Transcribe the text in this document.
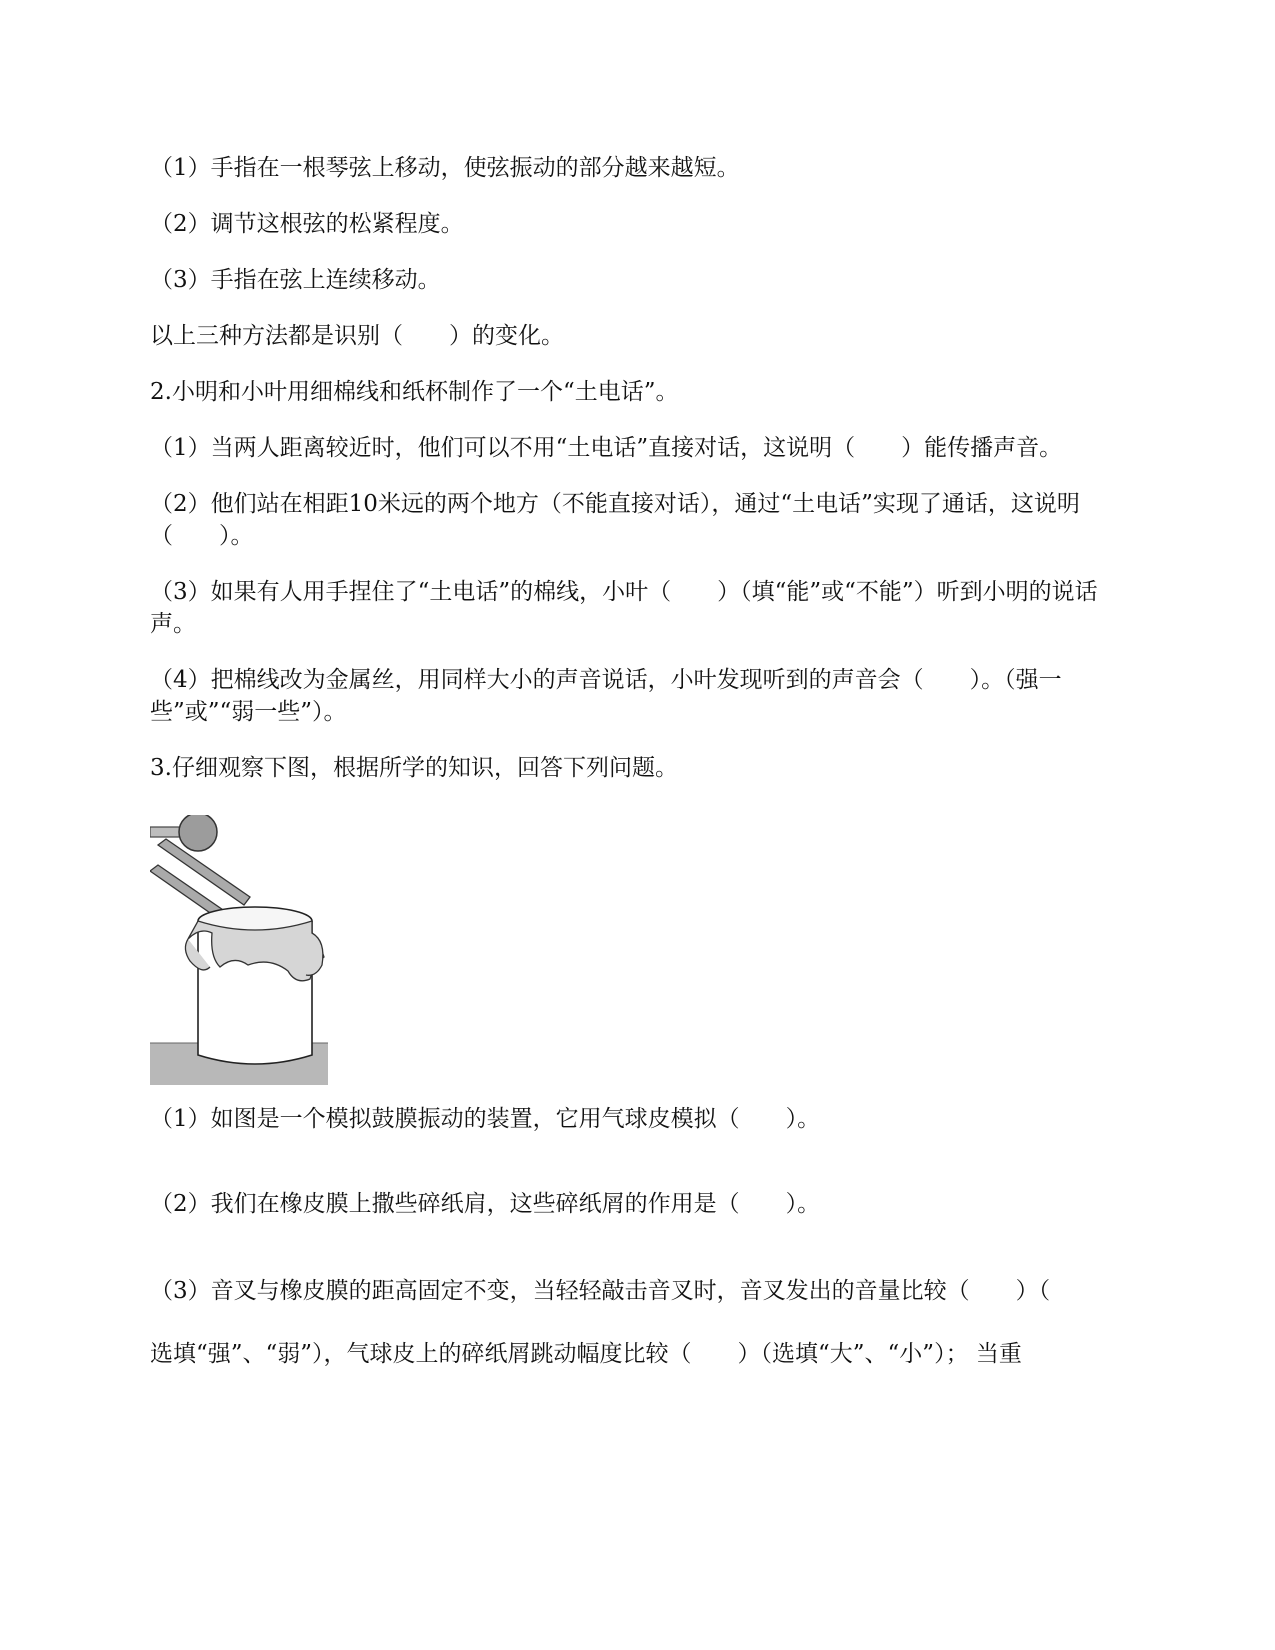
（1）手指在一根琴弦上移动，使弦振动的部分越来越短。
（2）调节这根弦的松紧程度。
（3）手指在弦上连续移动。
以上三种方法都是识别（　　）的变化。
2.小明和小叶用细棉线和纸杯制作了一个“土电话”。
（1）当两人距离较近时，他们可以不用“土电话”直接对话，这说明（　　）能传播声音。
（2）他们站在相距10米远的两个地方（不能直接对话），通过“土电话”实现了通话，这说明（　　）。
（3）如果有人用手捏住了“土电话”的棉线，小叶（　　）（填“能”或“不能”）听到小明的说话声。
（4）把棉线改为金属丝，用同样大小的声音说话，小叶发现听到的声音会（　　）。（强一些”或”“弱一些”）。
3.仔细观察下图，根据所学的知识，回答下列问题。
（1）如图是一个模拟鼓膜振动的装置，它用气球皮模拟（　　）。
（2）我们在橡皮膜上撒些碎纸肩，这些碎纸屑的作用是（　　）。
（3）音叉与橡皮膜的距高固定不变，当轻轻敲击音叉时，音叉发出的音量比较（　　）（
选填“强”、“弱”），气球皮上的碎纸屑跳动幅度比较（　　）（选填“大”、“小”）； 当重
